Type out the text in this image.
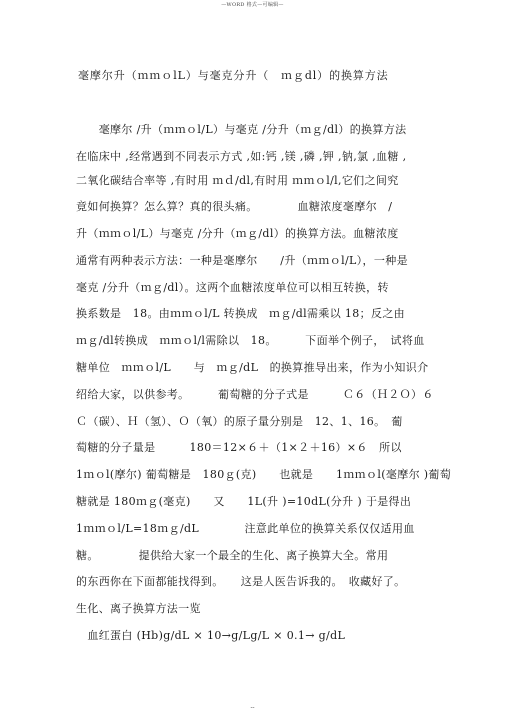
—WORD 格式—可编辑—
毫摩尔升（ｍｍｏlL）与毫克分升（　ｍｇdl）的换算方法
　　毫摩尔 /升（ｍｍｏl/L）与毫克 /分升（ｍｇ/dl）的换算方法
在临床中 ,经常遇到不同表示方式 ,如:钙 ,镁 ,磷 ,钾 ,钠,氯 ,血糖 ,
二氧化碳结合率等 ,有时用 ｍｄ/dl,有时用 ｍｍｏl/l,它们之间究
竟如何换算？怎么算？真的很头痛。　　　　血糖浓度毫摩尔　/
升（ｍｍｏl/L）与毫克 /分升（ｍｇ/dl）的换算方法。血糖浓度
通常有两种表示方法：一种是毫摩尔　　/升（ｍｍｏl/L），一种是
毫克 /分升（ｍｇ/dl）。这两个血糖浓度单位可以相互转换，转
换系数是　18。由ｍｍｏl/L 转换成　ｍｇ/dl需乘以 18；反之由
ｍｇ/dl转换成　ｍｍｏl/l需除以　18。　　　下面举个例子，　试将血
糖单位　ｍｍｏl/L　　与　ｍｇ/dL　的换算推导出来，作为小知识介
绍给大家，以供参考。　　　葡萄糖的分子式是　　　Ｃ６（Ｈ２Ｏ）６
Ｃ（碳）、Ｈ（氢）、Ｏ（氧）的原子量分别是　12、1、16。　葡
萄糖的分子量是　　　180＝12×６＋（1×２＋16）×６　所以
1ｍｏl(摩尔) 葡萄糖是　180ｇ(克)　　也就是　　1ｍｍｏl(毫摩尔 )葡萄
糖就是 180ｍｇ(毫克)　　又　　1L(升 )=10dL(分升 ) 于是得出
1ｍｍｏl/L=18ｍｇ/dL　　　　注意此单位的换算关系仅仅适用血
糖。　　　　提供给大家一个最全的生化、离子换算大全。常用
的东西你在下面都能找得到。　　这是人医告诉我的。　收藏好了。
生化、离子换算方法一览
　血红蛋白 (Hb)g/dL × 10→g/Lg/L × 0.1→ g/dL
--
